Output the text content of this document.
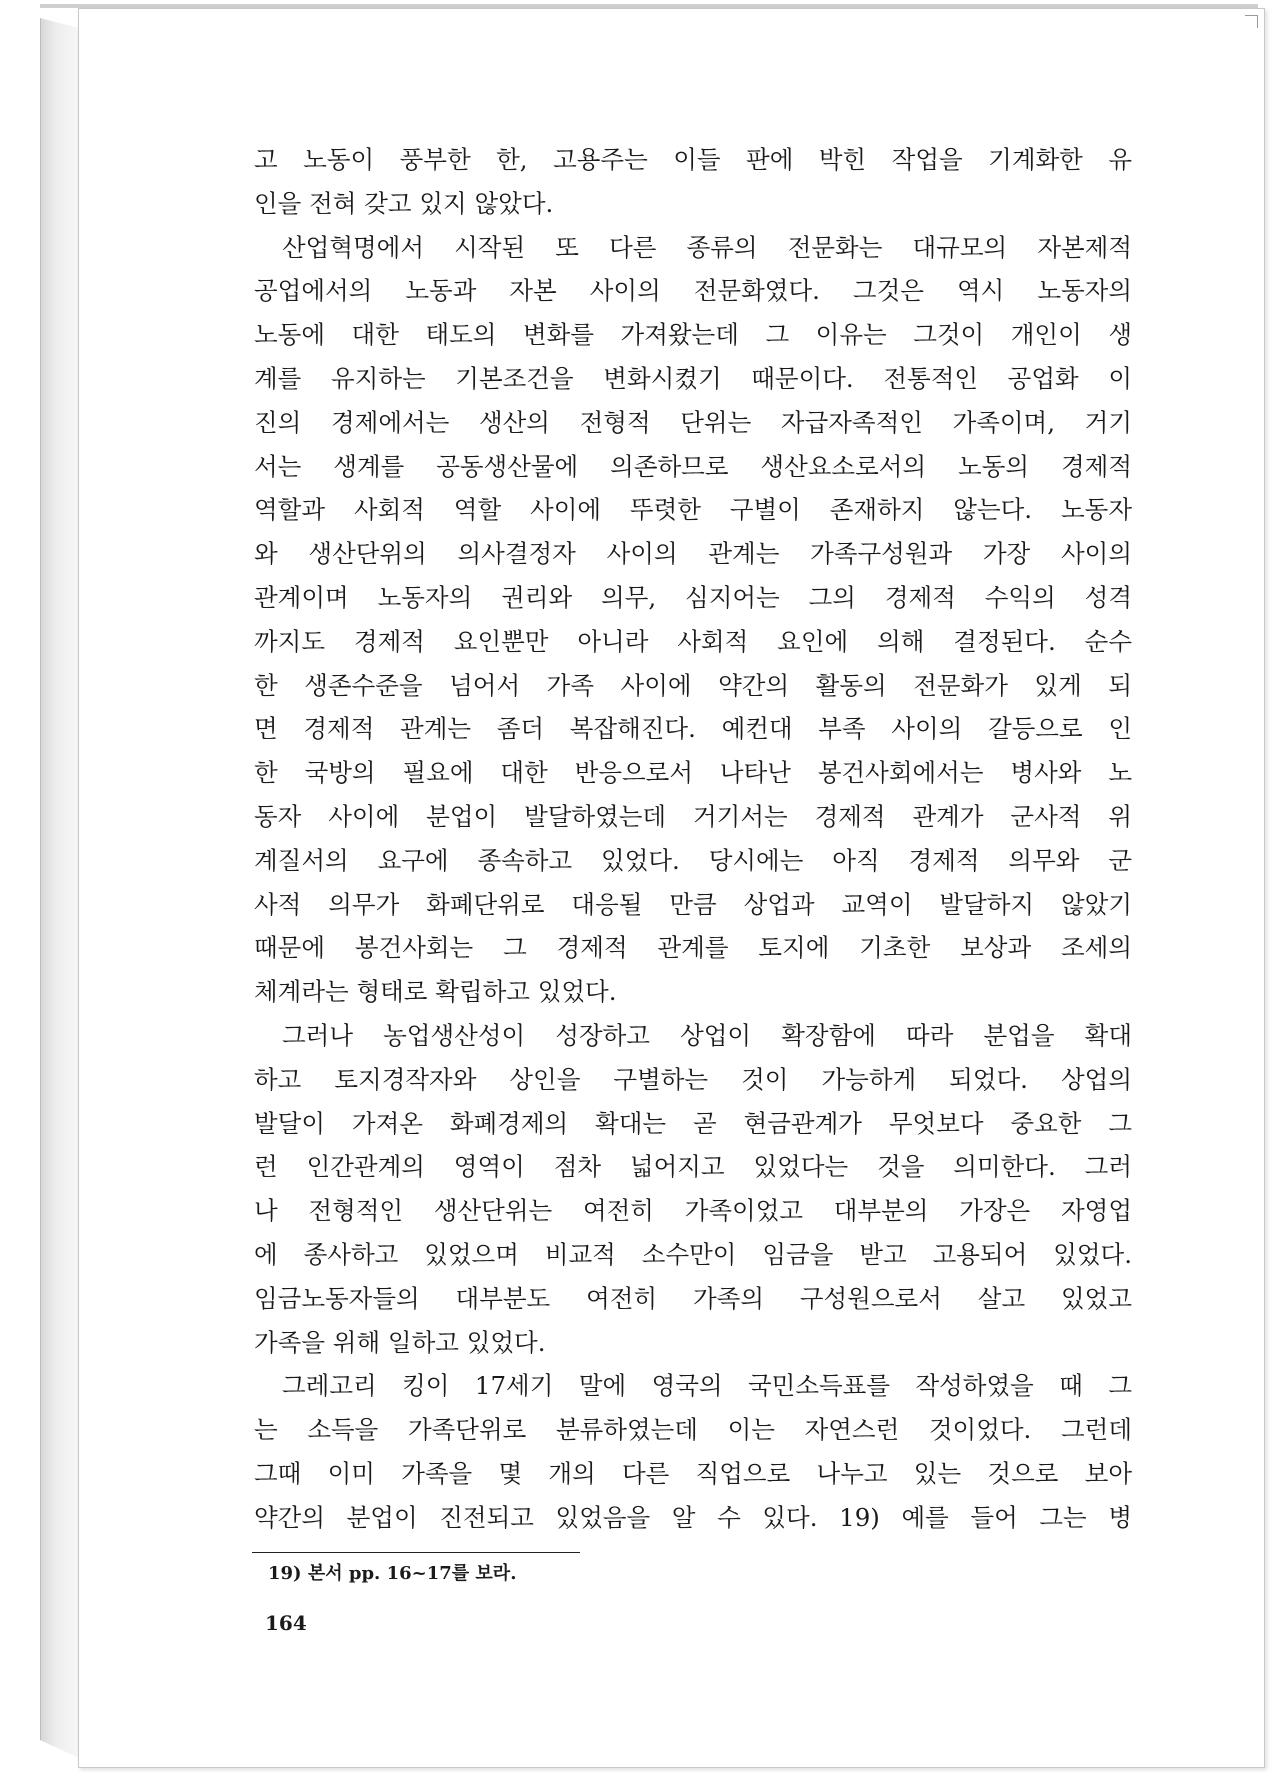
고 노동이 풍부한 한, 고용주는 이들 판에 박힌 작업을 기계화한 유
인을 전혀 갖고 있지 않았다.
산업혁명에서 시작된 또 다른 종류의 전문화는 대규모의 자본제적
공업에서의 노동과 자본 사이의 전문화였다. 그것은 역시 노동자의
노동에 대한 태도의 변화를 가져왔는데 그 이유는 그것이 개인이 생
계를 유지하는 기본조건을 변화시켰기 때문이다. 전통적인 공업화 이
진의 경제에서는 생산의 전형적 단위는 자급자족적인 가족이며, 거기
서는 생계를 공동생산물에 의존하므로 생산요소로서의 노동의 경제적
역할과 사회적 역할 사이에 뚜렷한 구별이 존재하지 않는다. 노동자
와 생산단위의 의사결정자 사이의 관계는 가족구성원과 가장 사이의
관계이며 노동자의 권리와 의무, 심지어는 그의 경제적 수익의 성격
까지도 경제적 요인뿐만 아니라 사회적 요인에 의해 결정된다. 순수
한 생존수준을 넘어서 가족 사이에 약간의 활동의 전문화가 있게 되
면 경제적 관계는 좀더 복잡해진다. 예컨대 부족 사이의 갈등으로 인
한 국방의 필요에 대한 반응으로서 나타난 봉건사회에서는 병사와 노
동자 사이에 분업이 발달하였는데 거기서는 경제적 관계가 군사적 위
계질서의 요구에 종속하고 있었다. 당시에는 아직 경제적 의무와 군
사적 의무가 화폐단위로 대응될 만큼 상업과 교역이 발달하지 않았기
때문에 봉건사회는 그 경제적 관계를 토지에 기초한 보상과 조세의
체계라는 형태로 확립하고 있었다.
그러나 농업생산성이 성장하고 상업이 확장함에 따라 분업을 확대
하고 토지경작자와 상인을 구별하는 것이 가능하게 되었다. 상업의
발달이 가져온 화폐경제의 확대는 곧 현금관계가 무엇보다 중요한 그
런 인간관계의 영역이 점차 넓어지고 있었다는 것을 의미한다. 그러
나 전형적인 생산단위는 여전히 가족이었고 대부분의 가장은 자영업
에 종사하고 있었으며 비교적 소수만이 임금을 받고 고용되어 있었다.
임금노동자들의 대부분도 여전히 가족의 구성원으로서 살고 있었고
가족을 위해 일하고 있었다.
그레고리 킹이 17세기 말에 영국의 국민소득표를 작성하였을 때 그
는 소득을 가족단위로 분류하였는데 이는 자연스런 것이었다. 그런데
그때 이미 가족을 몇 개의 다른 직업으로 나누고 있는 것으로 보아
약간의 분업이 진전되고 있었음을 알 수 있다. 19) 예를 들어 그는 병
19) 본서 pp. 16~17를 보라.
164
